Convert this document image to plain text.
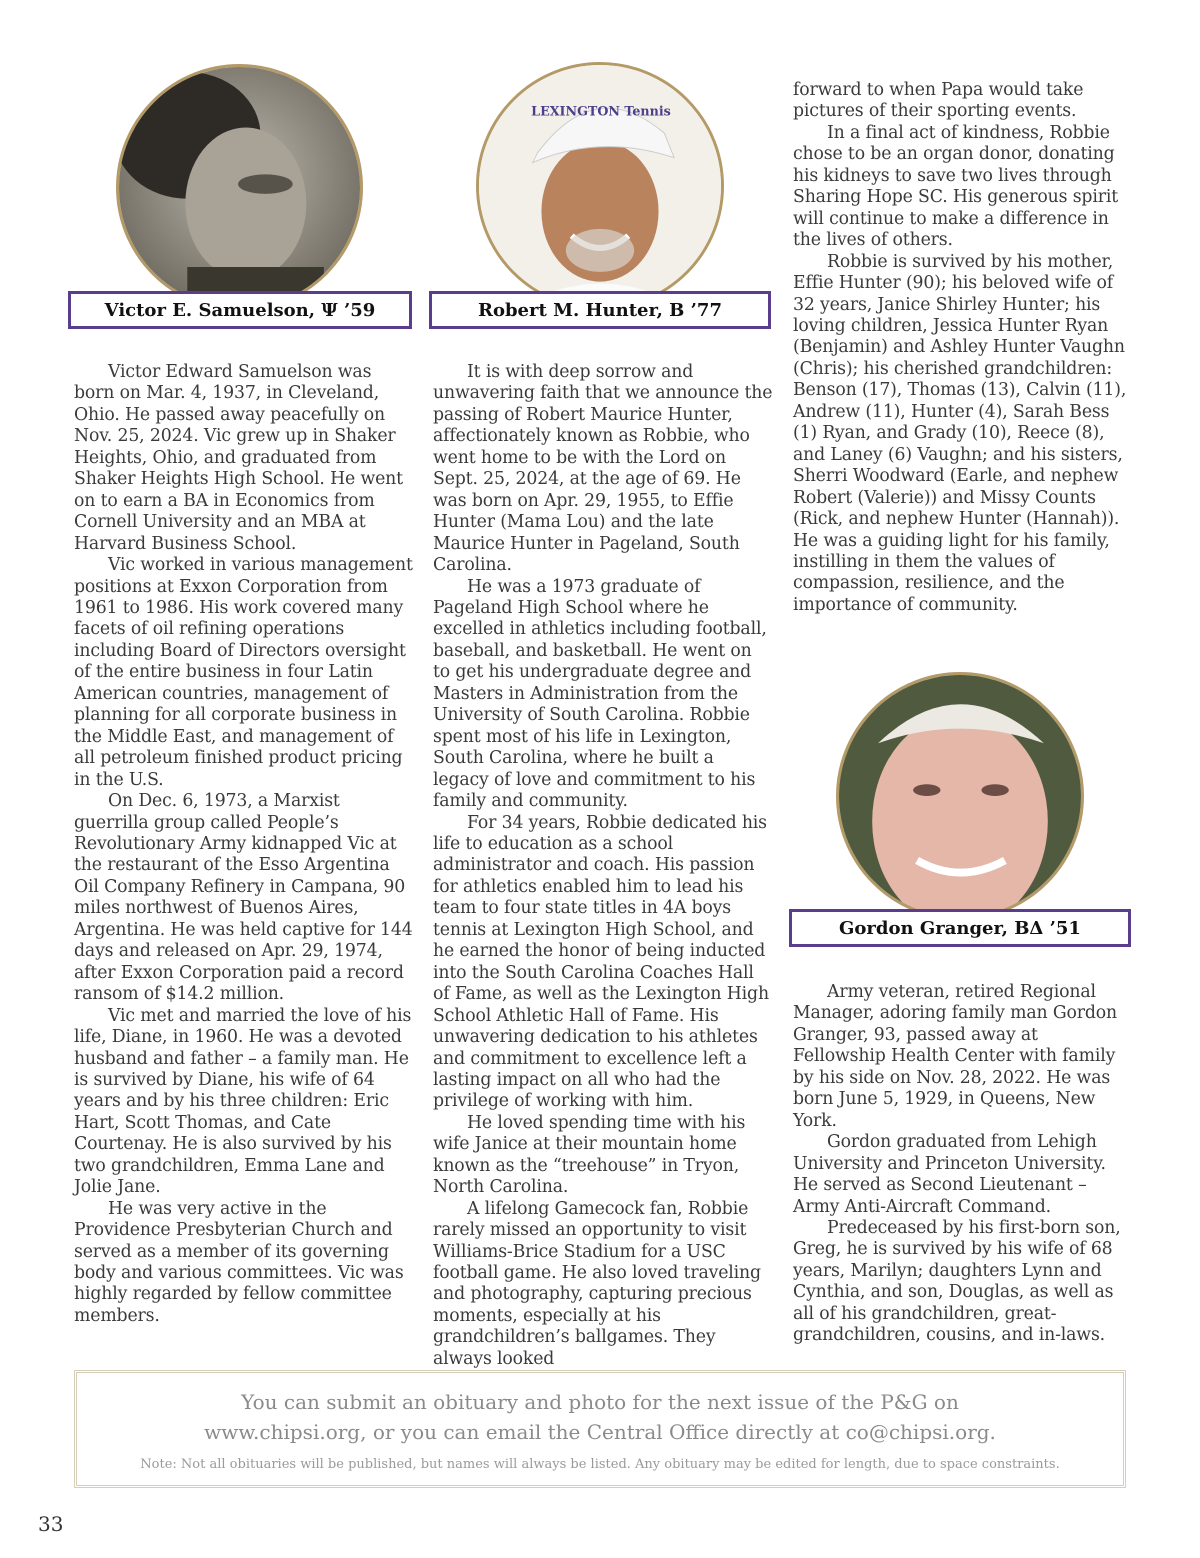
Victor E. Samuelson, Ψ ’59
LEXINGTON Tennis
Robert M. Hunter, B ’77
Gordon Granger, BΔ ’51

Victor Edward Samuelson was born on Mar. 4, 1937, in Cleveland, Ohio. He passed away peacefully on Nov. 25, 2024. Vic grew up in Shaker Heights, Ohio, and graduated from Shaker Heights High School. He went on to earn a BA in Economics from Cornell University and an MBA at Harvard Business School.

Vic worked in various management positions at Exxon Corporation from 1961 to 1986. His work covered many facets of oil refining operations including Board of Directors oversight of the entire business in four Latin American countries, management of planning for all corporate business in the Middle East, and management of all petroleum finished product pricing in the U.S.

On Dec. 6, 1973, a Marxist guerrilla group called People’s Revolutionary Army kidnapped Vic at the restaurant of the Esso Argentina Oil Company Refinery in Campana, 90 miles northwest of Buenos Aires, Argentina. He was held captive for 144 days and released on Apr. 29, 1974, after Exxon Corporation paid a record ransom of $14.2 million.

Vic met and married the love of his life, Diane, in 1960. He was a devoted husband and father – a family man. He is survived by Diane, his wife of 64 years and by his three children: Eric Hart, Scott Thomas, and Cate Courtenay. He is also survived by his two grandchildren, Emma Lane and Jolie Jane.

He was very active in the Providence Presbyterian Church and served as a member of its governing body and various committees. Vic was highly regarded by fellow committee members.

It is with deep sorrow and unwavering faith that we announce the passing of Robert Maurice Hunter, affectionately known as Robbie, who went home to be with the Lord on Sept. 25, 2024, at the age of 69. He was born on Apr. 29, 1955, to Effie Hunter (Mama Lou) and the late Maurice Hunter in Pageland, South Carolina.

He was a 1973 graduate of Pageland High School where he excelled in athletics including football, baseball, and basketball. He went on to get his undergraduate degree and Masters in Administration from the University of South Carolina. Robbie spent most of his life in Lexington, South Carolina, where he built a legacy of love and commitment to his family and community.

For 34 years, Robbie dedicated his life to education as a school administrator and coach. His passion for athletics enabled him to lead his team to four state titles in 4A boys tennis at Lexington High School, and he earned the honor of being inducted into the South Carolina Coaches Hall of Fame, as well as the Lexington High School Athletic Hall of Fame. His unwavering dedication to his athletes and commitment to excellence left a lasting impact on all who had the privilege of working with him.

He loved spending time with his wife Janice at their mountain home known as the “treehouse” in Tryon, North Carolina.

A lifelong Gamecock fan, Robbie rarely missed an opportunity to visit Williams-Brice Stadium for a USC football game. He also loved traveling and photography, capturing precious moments, especially at his grandchildren’s ballgames. They always looked

forward to when Papa would take pictures of their sporting events.

In a final act of kindness, Robbie chose to be an organ donor, donating his kidneys to save two lives through Sharing Hope SC. His generous spirit will continue to make a difference in the lives of others.

Robbie is survived by his mother, Effie Hunter (90); his beloved wife of 32 years, Janice Shirley Hunter; his loving children, Jessica Hunter Ryan (Benjamin) and Ashley Hunter Vaughn (Chris); his cherished grandchildren: Benson (17), Thomas (13), Calvin (11), Andrew (11), Hunter (4), Sarah Bess (1) Ryan, and Grady (10), Reece (8), and Laney (6) Vaughn; and his sisters, Sherri Woodward (Earle, and nephew Robert (Valerie)) and Missy Counts (Rick, and nephew Hunter (Hannah)). He was a guiding light for his family, instilling in them the values of compassion, resilience, and the importance of community.

Army veteran, retired Regional Manager, adoring family man Gordon Granger, 93, passed away at Fellowship Health Center with family by his side on Nov. 28, 2022. He was born June 5, 1929, in Queens, New York.

Gordon graduated from Lehigh University and Princeton University. He served as Second Lieutenant – Army Anti-Aircraft Command.

Predeceased by his first-born son, Greg, he is survived by his wife of 68 years, Marilyn; daughters Lynn and Cynthia, and son, Douglas, as well as all of his grandchildren, great-grandchildren, cousins, and in-laws.

You can submit an obituary and photo for the next issue of the P&G on
www.chipsi.org, or you can email the Central Office directly at co@chipsi.org.
Note: Not all obituaries will be published, but names will always be listed. Any obituary may be edited for length, due to space constraints.
33
